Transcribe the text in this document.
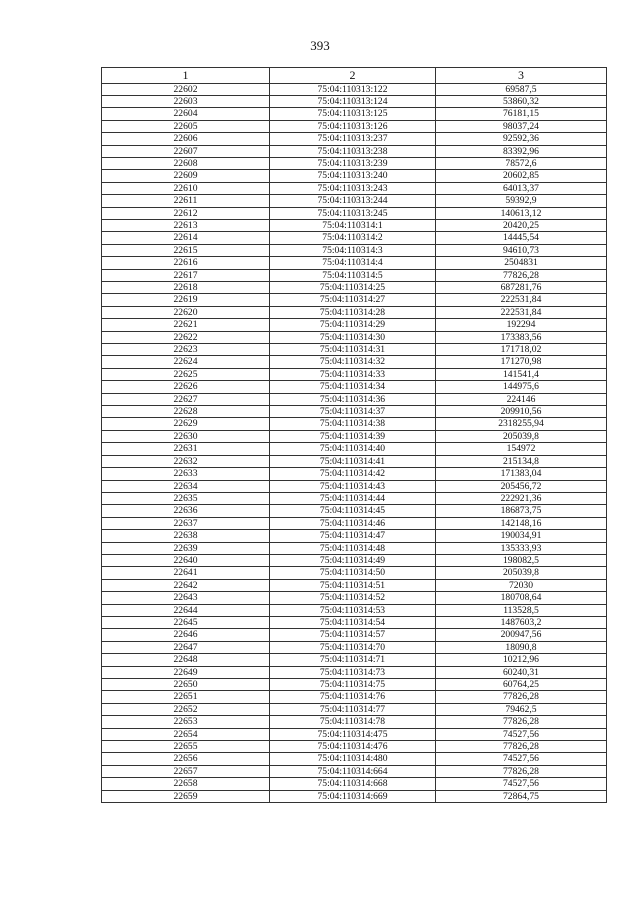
393
1	2	3
22602	75:04:110313:122	69587,5
22603	75:04:110313:124	53860,32
22604	75:04:110313:125	76181,15
22605	75:04:110313:126	98037,24
22606	75:04:110313:237	92592,36
22607	75:04:110313:238	83392,96
22608	75:04:110313:239	78572,6
22609	75:04:110313:240	20602,85
22610	75:04:110313:243	64013,37
22611	75:04:110313:244	59392,9
22612	75:04:110313:245	140613,12
22613	75:04:110314:1	20420,25
22614	75:04:110314:2	14445,54
22615	75:04:110314:3	94610,73
22616	75:04:110314:4	2504831
22617	75:04:110314:5	77826,28
22618	75:04:110314:25	687281,76
22619	75:04:110314:27	222531,84
22620	75:04:110314:28	222531,84
22621	75:04:110314:29	192294
22622	75:04:110314:30	173383,56
22623	75:04:110314:31	171718,02
22624	75:04:110314:32	171270,98
22625	75:04:110314:33	141541,4
22626	75:04:110314:34	144975,6
22627	75:04:110314:36	224146
22628	75:04:110314:37	209910,56
22629	75:04:110314:38	2318255,94
22630	75:04:110314:39	205039,8
22631	75:04:110314:40	154972
22632	75:04:110314:41	215134,8
22633	75:04:110314:42	171383,04
22634	75:04:110314:43	205456,72
22635	75:04:110314:44	222921,36
22636	75:04:110314:45	186873,75
22637	75:04:110314:46	142148,16
22638	75:04:110314:47	190034,91
22639	75:04:110314:48	135333,93
22640	75:04:110314:49	198082,5
22641	75:04:110314:50	205039,8
22642	75:04:110314:51	72030
22643	75:04:110314:52	180708,64
22644	75:04:110314:53	113528,5
22645	75:04:110314:54	1487603,2
22646	75:04:110314:57	200947,56
22647	75:04:110314:70	18090,8
22648	75:04:110314:71	10212,96
22649	75:04:110314:73	60240,31
22650	75:04:110314:75	60764,25
22651	75:04:110314:76	77826,28
22652	75:04:110314:77	79462,5
22653	75:04:110314:78	77826,28
22654	75:04:110314:475	74527,56
22655	75:04:110314:476	77826,28
22656	75:04:110314:480	74527,56
22657	75:04:110314:664	77826,28
22658	75:04:110314:668	74527,56
22659	75:04:110314:669	72864,75
